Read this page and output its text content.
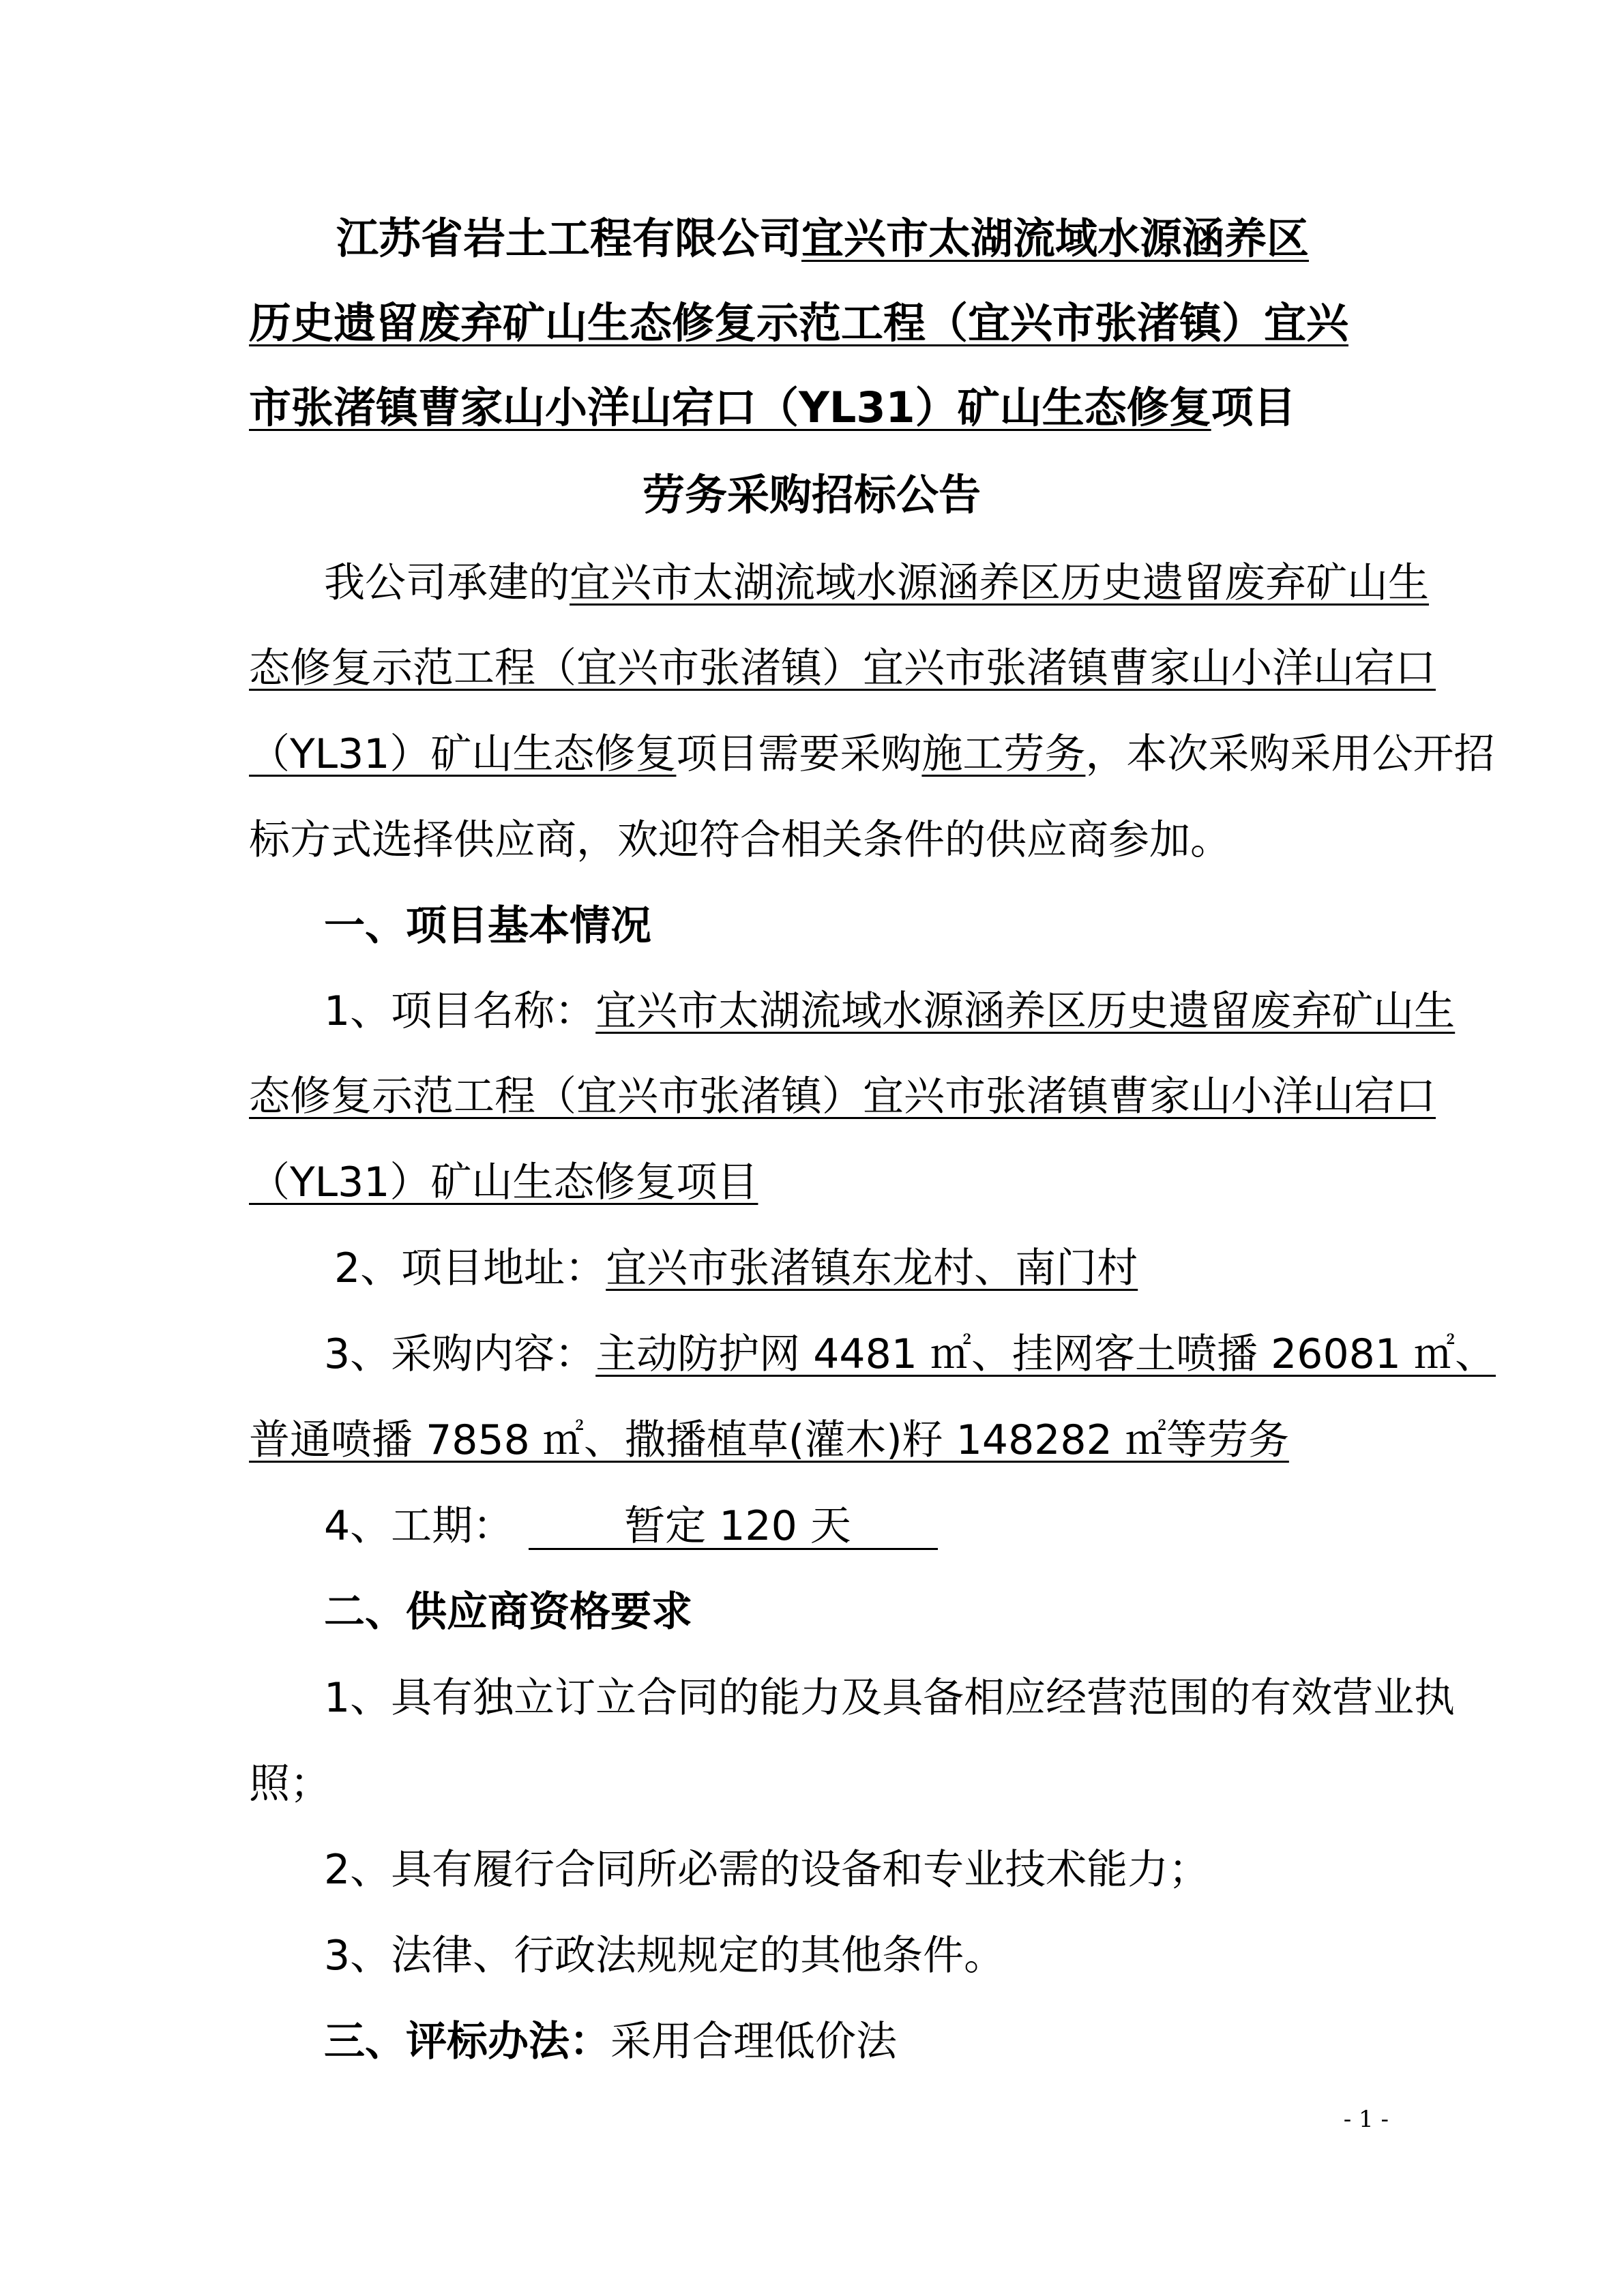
江苏省岩土工程有限公司宜兴市太湖流域水源涵养区
历史遗留废弃矿山生态修复示范工程（宜兴市张渚镇）宜兴
市张渚镇曹家山小洋山宕口（YL31）矿山生态修复项目
劳务采购招标公告
我公司承建的宜兴市太湖流域水源涵养区历史遗留废弃矿山生
态修复示范工程（宜兴市张渚镇）宜兴市张渚镇曹家山小洋山宕口
（YL31）矿山生态修复项目需要采购施工劳务，本次采购采用公开招
标方式选择供应商，欢迎符合相关条件的供应商参加。
一、项目基本情况
1、项目名称：宜兴市太湖流域水源涵养区历史遗留废弃矿山生
态修复示范工程（宜兴市张渚镇）宜兴市张渚镇曹家山小洋山宕口
（YL31）矿山生态修复项目
2、项目地址：宜兴市张渚镇东龙村、南门村
3、采购内容：主动防护网 4481 ㎡、挂网客土喷播 26081 ㎡、
普通喷播 7858 ㎡、撒播植草(灌木)籽 148282 ㎡等劳务
4、工期：	暂定 120 天
二、供应商资格要求
1、具有独立订立合同的能力及具备相应经营范围的有效营业执
照；
2、具有履行合同所必需的设备和专业技术能力；
3、法律、行政法规规定的其他条件。
三、评标办法：采用合理低价法
- 1 -
